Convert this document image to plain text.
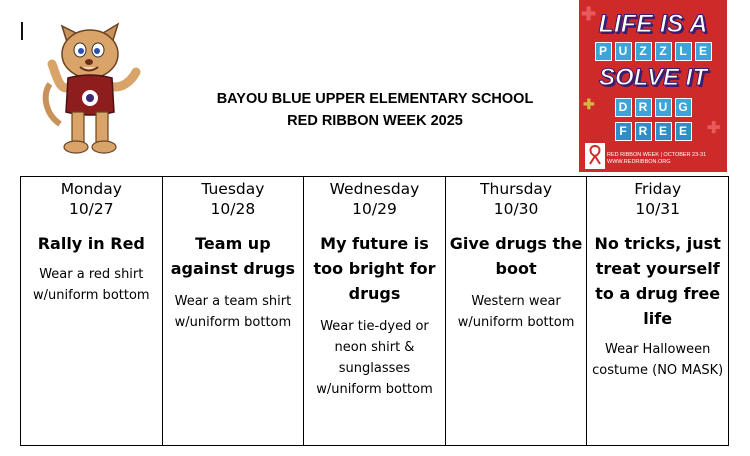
BAYOU BLUE UPPER ELEMENTARY SCHOOL
RED RIBBON WEEK 2025
✚
✚
✚
LIFE IS A
P U	Z	Z	L	E
SOLVE IT
D R U G
F R E E
RED RIBBON WEEK | OCTOBER 23-31
WWW.REDRIBBON.ORG
Monday
10/27
Rally in Red
Wear a red shirt w/uniform bottom

Tuesday
10/28
Team up against drugs
Wear a team shirt w/uniform bottom

Wednesday
10/29
My future is too bright for drugs
Wear tie-dyed or neon shirt & sunglasses w/uniform bottom

Thursday
10/30
Give drugs the boot
Western wear w/uniform bottom

Friday
10/31
No tricks, just treat yourself to a drug free life
Wear Halloween costume (NO MASK)
